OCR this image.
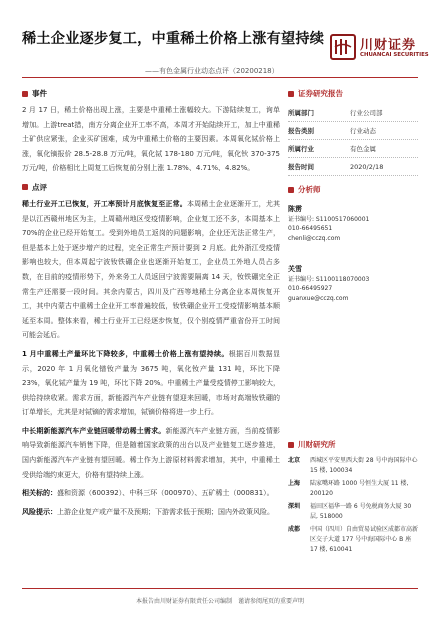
稀土企业逐步复工，中重稀土价格上涨有望持续
——有色金属行业动态点评（20200218）
川财证券
CHUANCAI SECURITIES
事件
2 月 17 日，稀土价格出现上涨，主要是中重稀土涨幅较大。下游陆续复工，询单增加。上游treat措，南方分离企业开工率不高，本周才开始陆续开工，加上中重稀土矿供应紧张，企业买矿困难，成为中重稀土价格的主要因素。本周氧化铽价格上涨，氧化镝报价 28.5-28.8 万元/吨，氧化铽 178-180 万元/吨，氧化钬 370-375 万元/吨，价格相比上周复工后恢复前分别上涨 1.78%、4.71%、4.82%。
点评
稀土行业开工已恢复，开工率预计月底恢复至正常。本周稀土企业逐渐开工，尤其是以江西赣州地区为主，上周赣州地区受疫情影响，企业复工还不多，本周基本上 70%的企业已经开始复工。受到外地员工返岗的问题影响，企业还无法正常生产，但是基本上处于逐步增产的过程，完全正常生产预计要到 2 月底。此外浙江受疫情影响也较大，但本周起宁波钕铁硼企业也逐渐开始复工，企业员工外地人员占多数，在目前的疫情形势下，外来务工人员返回宁波需要隔离 14 天，钕铁硼完全正常生产还需要一段时间。其余内蒙古，四川及广西等地稀土分离企业本周恢复开工，其中内蒙古中重稀土企业开工率普遍较低，钕铁硼企业开工受疫情影响基本顺延至本周。整体来看，稀土行业开工已经逐步恢复，仅个别疫情严重省份开工时间可能会延后。
1 月中重稀土产量环比下降较多，中重稀土价格上涨有望持续。根据百川数据显示，2020 年 1 月氧化镨钕产量为 3675 吨，氧化钕产量 131 吨，环比下降 23%，氧化铽产量为 19 吨，环比下降 20%。中重稀土产量受疫情停工影响较大，供给持续收紧。需求方面，新能源汽车产业链有望迎来回暖，市场对高端钕铁硼的订单增长，尤其是对铽镝的需求增加，铽镝价格将进一步上行。
中长期新能源汽车产业链回暖带动稀土需求。新能源汽车产业链方面，当前疫情影响导致新能源汽车销售下降，但是随着国家政策的出台以及产业链复工逐步推进，国内新能源汽车产业链有望回暖。稀土作为上游原材料需求增加，其中，中重稀土受供给端约束更大，价格有望持续上涨。
相关标的：盛和资源（600392）、中科三环（000970）、五矿稀土（000831）。
风险提示：上游企业复产或产量不及预期；下游需求低于预期；国内外政策风险。
证券研究报告
所属部门	行业公司部
报告类别	行业动态
所属行业	有色金属
报告时间	2020/2/18
分析师
陈雳
证书编号: S1100517060001
010-66495651
chenli@cczq.com
关雪
证书编号: S1100118070003
010-66495927
guanxue@cczq.com
川财研究所
北京	西城区平安里西大街 28 号中海国际中心 15 楼, 100034
上海	陆家嘴环路 1000 号恒生大厦 11 楼, 200120
深圳	福田区福华一路 6 号免税商务大厦 30 层, 518000
成都	中国（四川）自由贸易试验区成都市高新区交子大道 177 号中海国际中心 B 座 17 楼, 610041
本报告由川财证券有限责任公司编制　谨请参阅尾页的重要声明
